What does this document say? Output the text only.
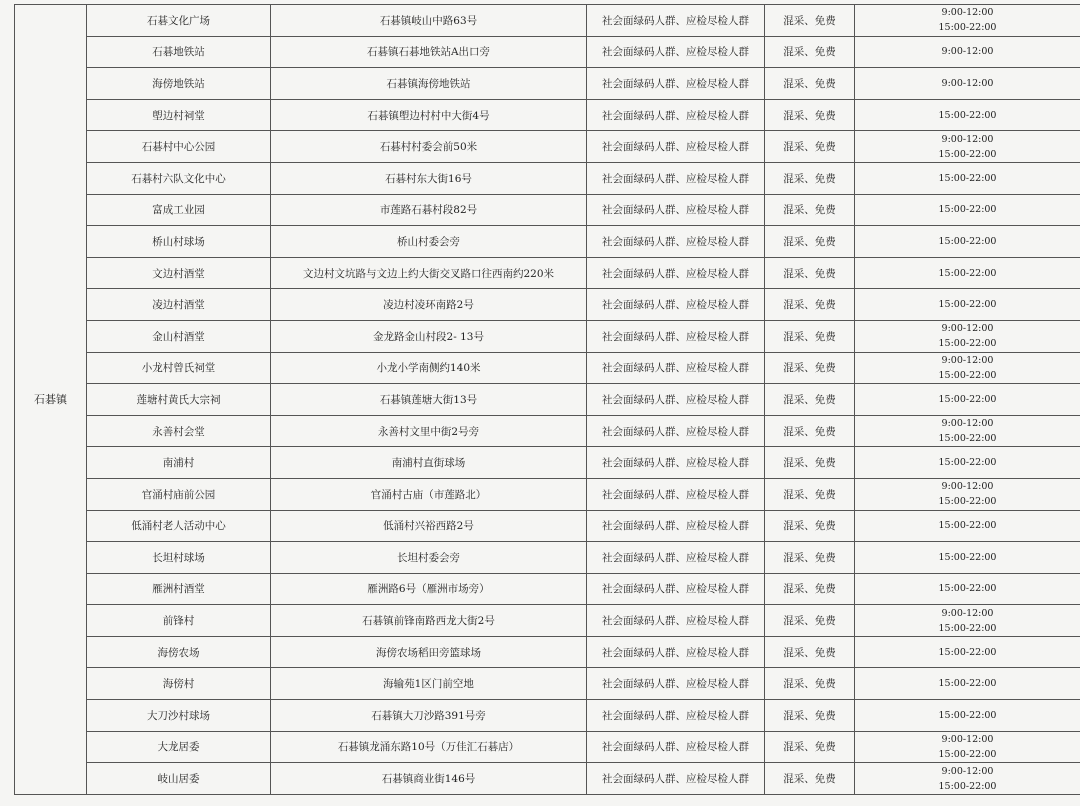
石碁镇	石碁文化广场	石碁镇岐山中路63号	社会面绿码人群、应检尽检人群	混采、免费	9:00-12:00
15:00-22:00

	石碁地铁站	石碁镇石碁地铁站A出口旁	社会面绿码人群、应检尽检人群	混采、免费	9:00-12:00

	海傍地铁站	石碁镇海傍地铁站	社会面绿码人群、应检尽检人群	混采、免费	9:00-12:00

	塱边村祠堂	石碁镇塱边村村中大街4号	社会面绿码人群、应检尽检人群	混采、免费	15:00-22:00

	石碁村中心公园	石碁村村委会前50米	社会面绿码人群、应检尽检人群	混采、免费	9:00-12:00
15:00-22:00

	石碁村六队文化中心	石碁村东大街16号	社会面绿码人群、应检尽检人群	混采、免费	15:00-22:00

	富成工业园	市莲路石碁村段82号	社会面绿码人群、应检尽检人群	混采、免费	15:00-22:00

	桥山村球场	桥山村委会旁	社会面绿码人群、应检尽检人群	混采、免费	15:00-22:00

	文边村酒堂	文边村文坑路与文边上约大街交叉路口往西南约220米	社会面绿码人群、应检尽检人群	混采、免费	15:00-22:00

	凌边村酒堂	凌边村凌环南路2号	社会面绿码人群、应检尽检人群	混采、免费	15:00-22:00

	金山村酒堂	金龙路金山村段2- 13号	社会面绿码人群、应检尽检人群	混采、免费	9:00-12:00
15:00-22:00

	小龙村曾氏祠堂	小龙小学南侧约140米	社会面绿码人群、应检尽检人群	混采、免费	9:00-12:00
15:00-22:00

	莲塘村黄氏大宗祠	石碁镇莲塘大街13号	社会面绿码人群、应检尽检人群	混采、免费	15:00-22:00

	永善村会堂	永善村文里中街2号旁	社会面绿码人群、应检尽检人群	混采、免费	9:00-12:00
15:00-22:00

	南浦村	南浦村直街球场	社会面绿码人群、应检尽检人群	混采、免费	15:00-22:00

	官涌村庙前公园	官涌村古庙（市莲路北）	社会面绿码人群、应检尽检人群	混采、免费	9:00-12:00
15:00-22:00

	低涌村老人活动中心	低涌村兴裕西路2号	社会面绿码人群、应检尽检人群	混采、免费	15:00-22:00

	长坦村球场	长坦村委会旁	社会面绿码人群、应检尽检人群	混采、免费	15:00-22:00

	雁洲村酒堂	雁洲路6号（雁洲市场旁）	社会面绿码人群、应检尽检人群	混采、免费	15:00-22:00

	前锋村	石碁镇前锋南路西龙大街2号	社会面绿码人群、应检尽检人群	混采、免费	9:00-12:00
15:00-22:00

	海傍农场	海傍农场稻田旁篮球场	社会面绿码人群、应检尽检人群	混采、免费	15:00-22:00

	海傍村	海输苑1区门前空地	社会面绿码人群、应检尽检人群	混采、免费	15:00-22:00

	大刀沙村球场	石碁镇大刀沙路391号旁	社会面绿码人群、应检尽检人群	混采、免费	15:00-22:00

	大龙居委	石碁镇龙涌东路10号（万佳汇石碁店）	社会面绿码人群、应检尽检人群	混采、免费	9:00-12:00
15:00-22:00

	岐山居委	石碁镇商业街146号	社会面绿码人群、应检尽检人群	混采、免费	9:00-12:00
15:00-22:00
